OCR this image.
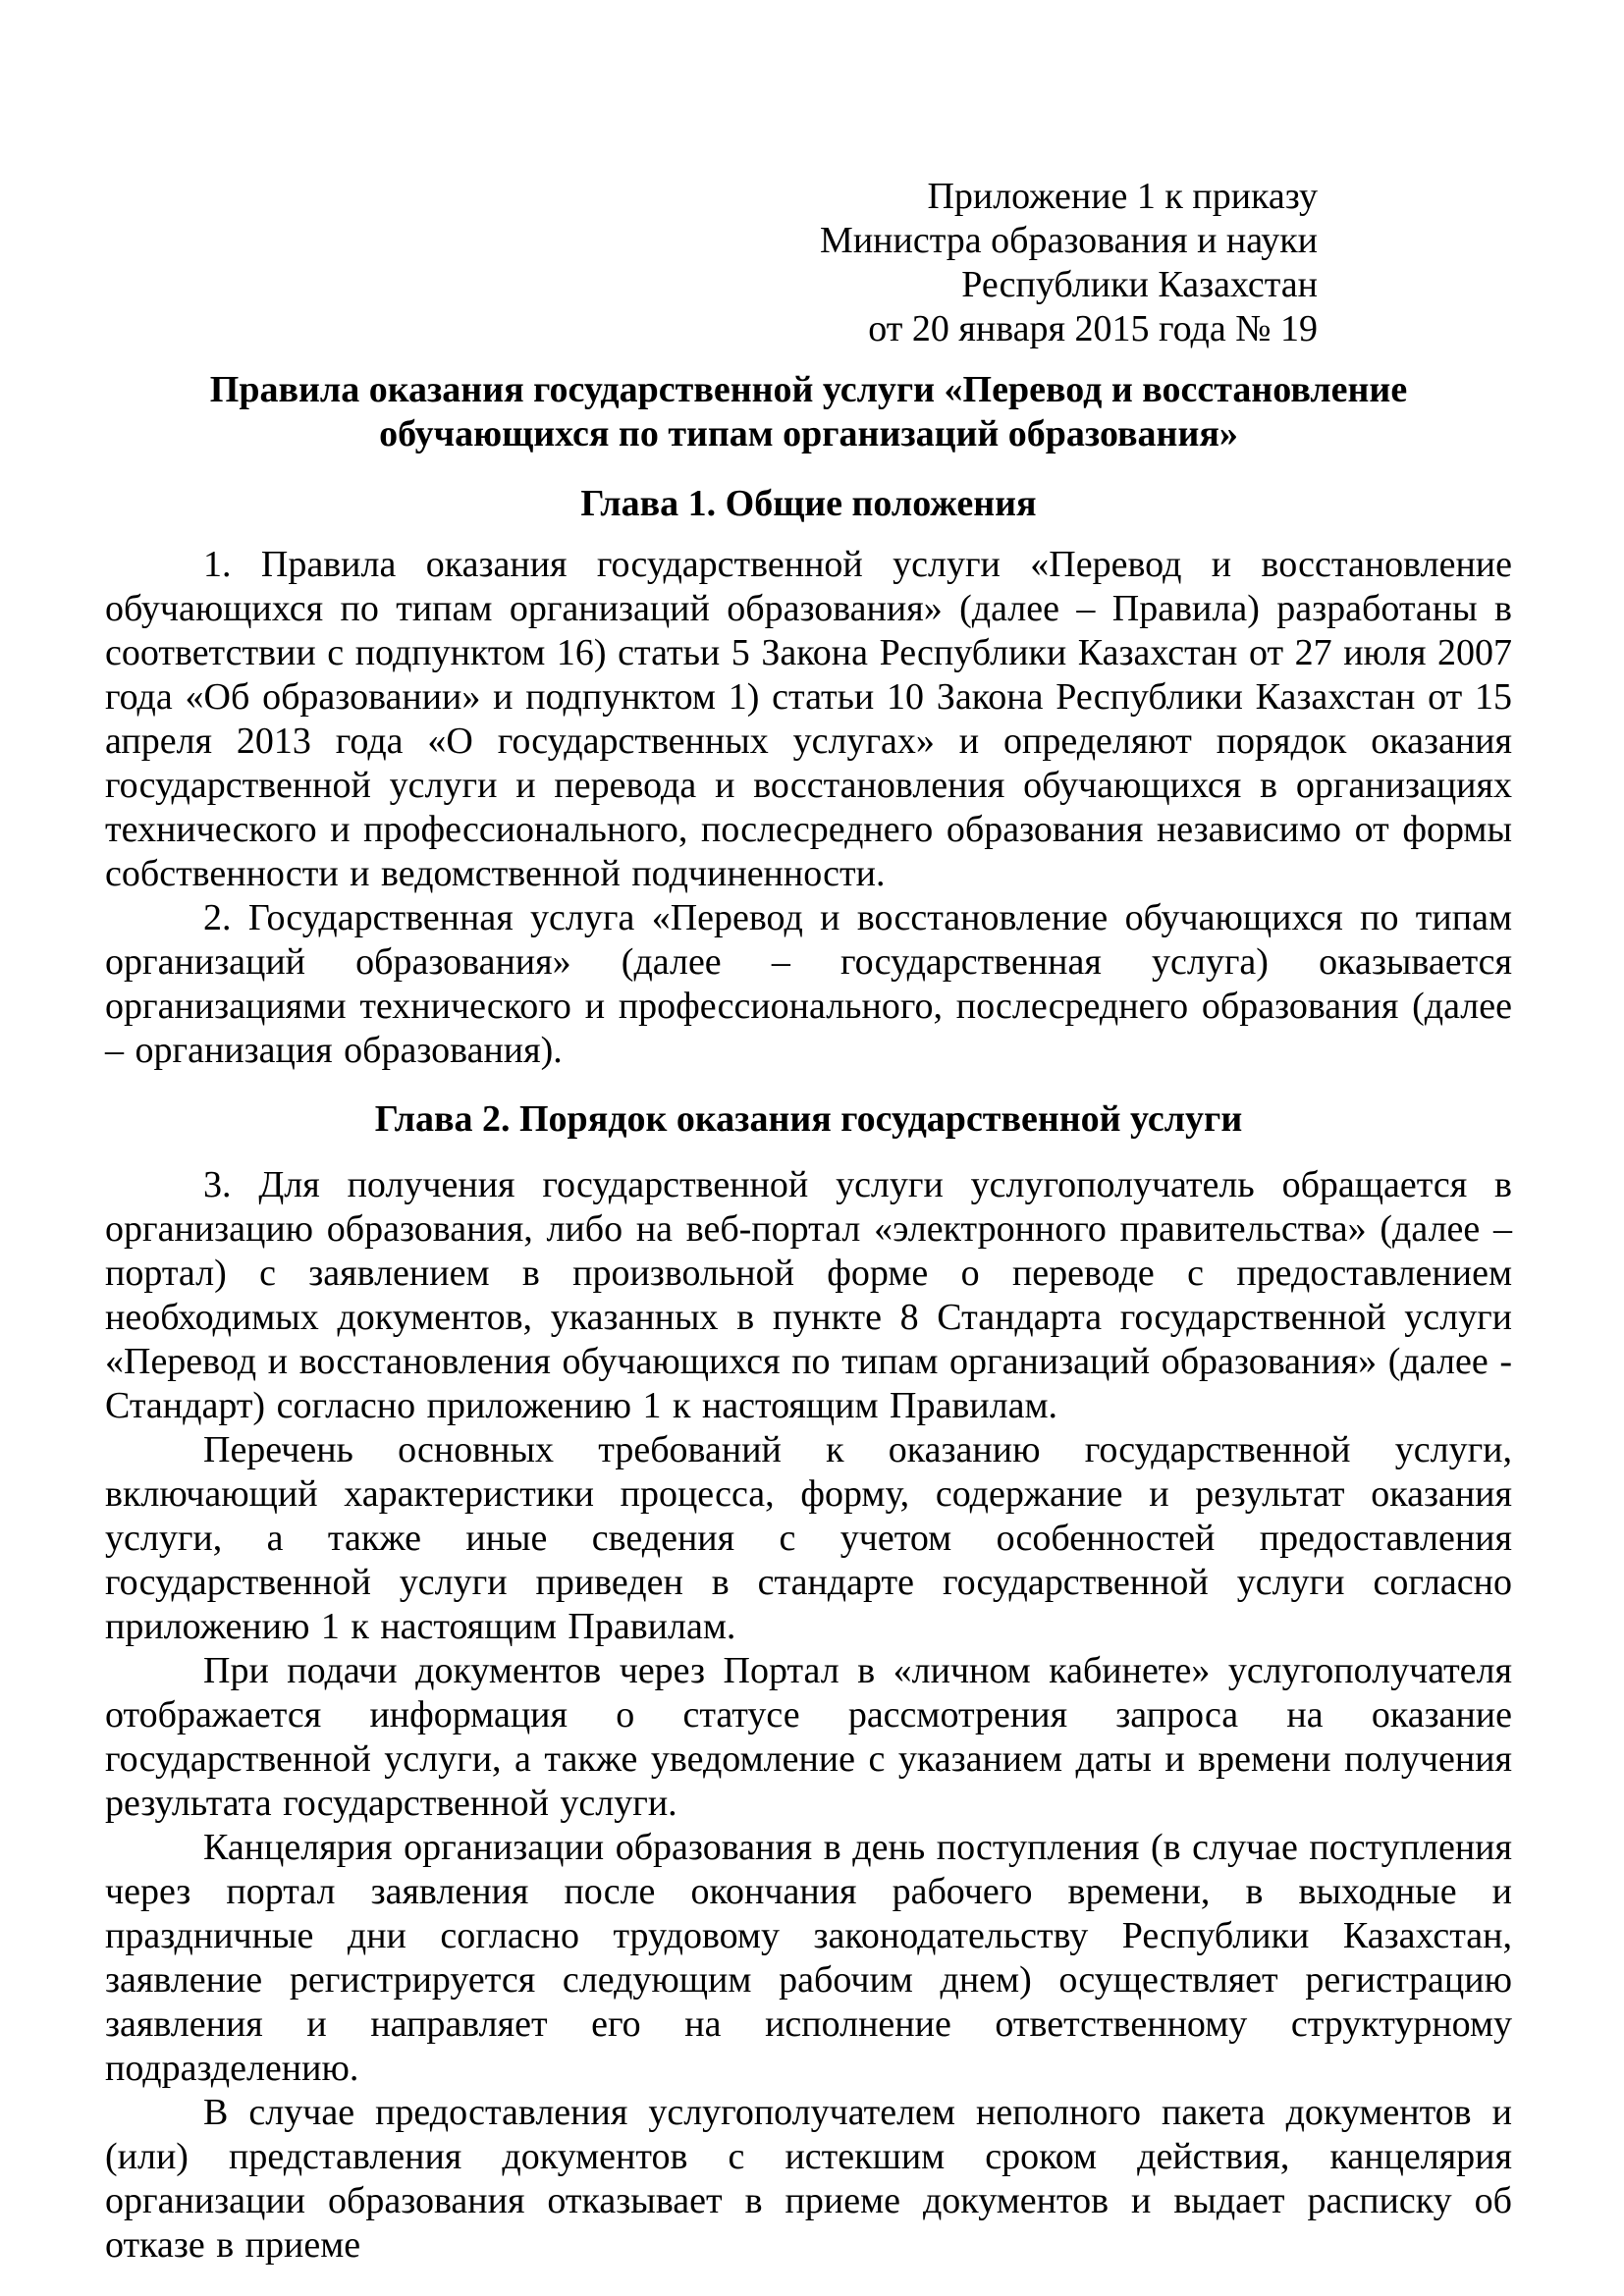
Приложение 1 к приказу
Министра образования и науки
Республики Казахстан
от 20 января 2015 года № 19
Правила оказания государственной услуги «Перевод и восстановление обучающихся по типам организаций образования»
Глава 1. Общие положения

1. Правила оказания государственной услуги «Перевод и восстановление обучающихся по типам организаций образования» (далее – Правила) разработаны в соответствии с подпунктом 16) статьи 5 Закона Республики Казахстан от 27 июля 2007 года «Об образовании» и подпунктом 1) статьи 10 Закона Республики Казахстан от 15 апреля 2013 года «О государственных услугах» и определяют порядок оказания государственной услуги и перевода и восстановления обучающихся в организациях технического и профессионального, послесреднего образования независимо от формы собственности и ведомственной подчиненности.

2. Государственная услуга «Перевод и восстановление обучающихся по типам организаций образования» (далее – государственная услуга) оказывается организациями технического и профессионального, послесреднего образования (далее – организация образования).

Глава 2. Порядок оказания государственной услуги

3. Для получения государственной услуги услугополучатель обращается в организацию образования, либо на веб-портал «электронного правительства» (далее – портал) с заявлением в произвольной форме о переводе с предоставлением необходимых документов, указанных в пункте 8 Стандарта государственной услуги «Перевод и восстановления обучающихся по типам организаций образования» (далее - Стандарт) согласно приложению 1 к настоящим Правилам.

Перечень основных требований к оказанию государственной услуги, включающий характеристики процесса, форму, содержание и результат оказания услуги, а также иные сведения с учетом особенностей предоставления государственной услуги приведен в стандарте государственной услуги согласно приложению 1 к настоящим Правилам.

При подачи документов через Портал в «личном кабинете» услугополучателя отображается информация о статусе рассмотрения запроса на оказание государственной услуги, а также уведомление с указанием даты и времени получения результата государственной услуги.

Канцелярия организации образования в день поступления (в случае поступления через портал заявления после окончания рабочего времени, в выходные и праздничные дни согласно трудовому законодательству Республики Казахстан, заявление регистрируется следующим рабочим днем) осуществляет регистрацию заявления и направляет его на исполнение ответственному структурному подразделению.

В случае предоставления услугополучателем неполного пакета документов и (или) представления документов с истекшим сроком действия, канцелярия организации образования отказывает в приеме документов и выдает расписку об отказе в приеме
